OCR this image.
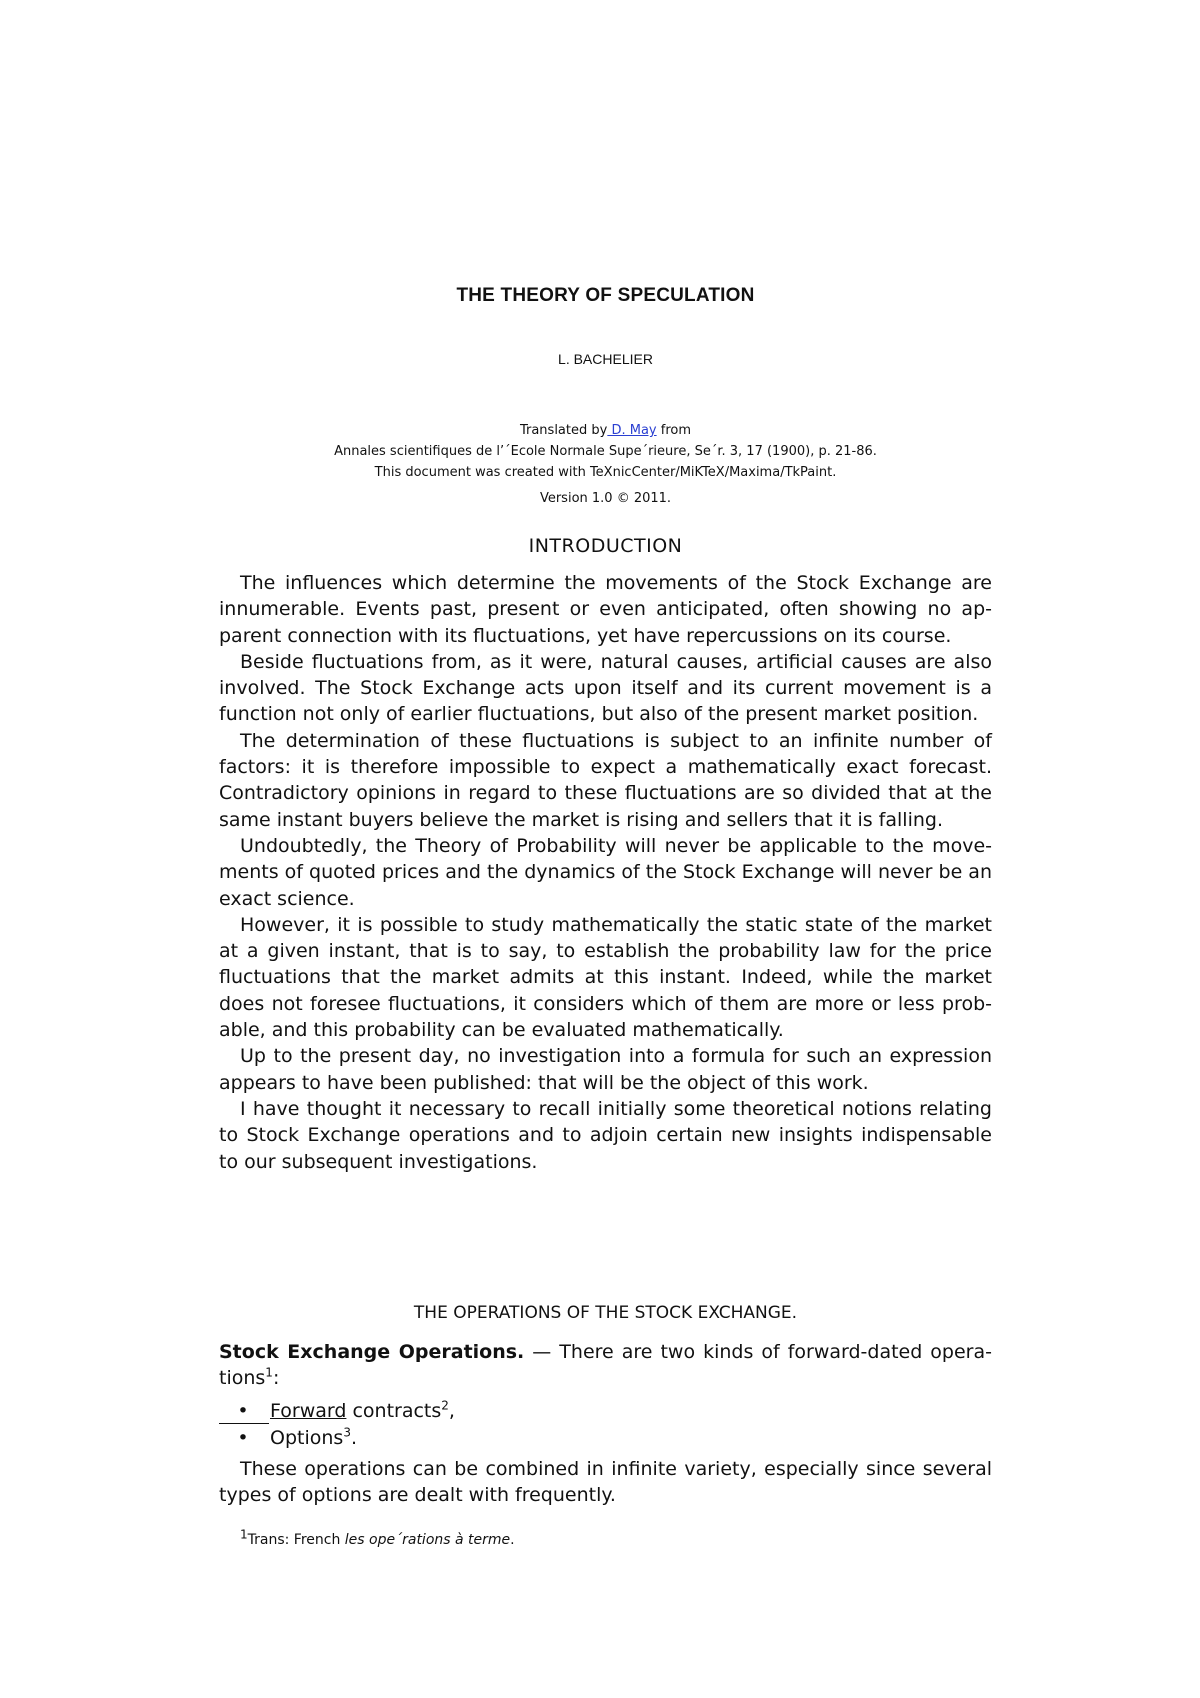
THE THEORY OF SPECULATION
L. BACHELIER
Translated by D. May from
Annales scientifiques de l’´Ecole Normale Supe´rieure, Se´r. 3, 17 (1900), p. 21-86.
This document was created with TeXnicCenter/MiKTeX/Maxima/TkPaint.
Version 1.0 © 2011.
INTRODUCTION

The influences which determine the movements of the Stock Exchange are innumerable. Events past, present or even anticipated, often showing no ap-parent connection with its fluctuations, yet have repercussions on its course.

Beside fluctuations from, as it were, natural causes, artificial causes are also involved. The Stock Exchange acts upon itself and its current movement is a function not only of earlier fluctuations, but also of the present market position.

The determination of these fluctuations is subject to an infinite number of factors: it is therefore impossible to expect a mathematically exact forecast. Contradictory opinions in regard to these fluctuations are so divided that at the same instant buyers believe the market is rising and sellers that it is falling.

Undoubtedly, the Theory of Probability will never be applicable to the move-ments of quoted prices and the dynamics of the Stock Exchange will never be an exact science.

However, it is possible to study mathematically the static state of the market at a given instant, that is to say, to establish the probability law for the price fluctuations that the market admits at this instant. Indeed, while the market does not foresee fluctuations, it considers which of them are more or less prob-able, and this probability can be evaluated mathematically.

Up to the present day, no investigation into a formula for such an expression appears to have been published: that will be the object of this work.

I have thought it necessary to recall initially some theoretical notions relating to Stock Exchange operations and to adjoin certain new insights indispensable to our subsequent investigations.

THE OPERATIONS OF THE STOCK EXCHANGE.

Stock Exchange Operations. — There are two kinds of forward-dated opera-tions$^1$:

• Forward contracts$^2$,
• Options$^3$.

These operations can be combined in infinite variety, especially since several types of options are dealt with frequently.

$^1$Trans: French les ope´rations à terme.
